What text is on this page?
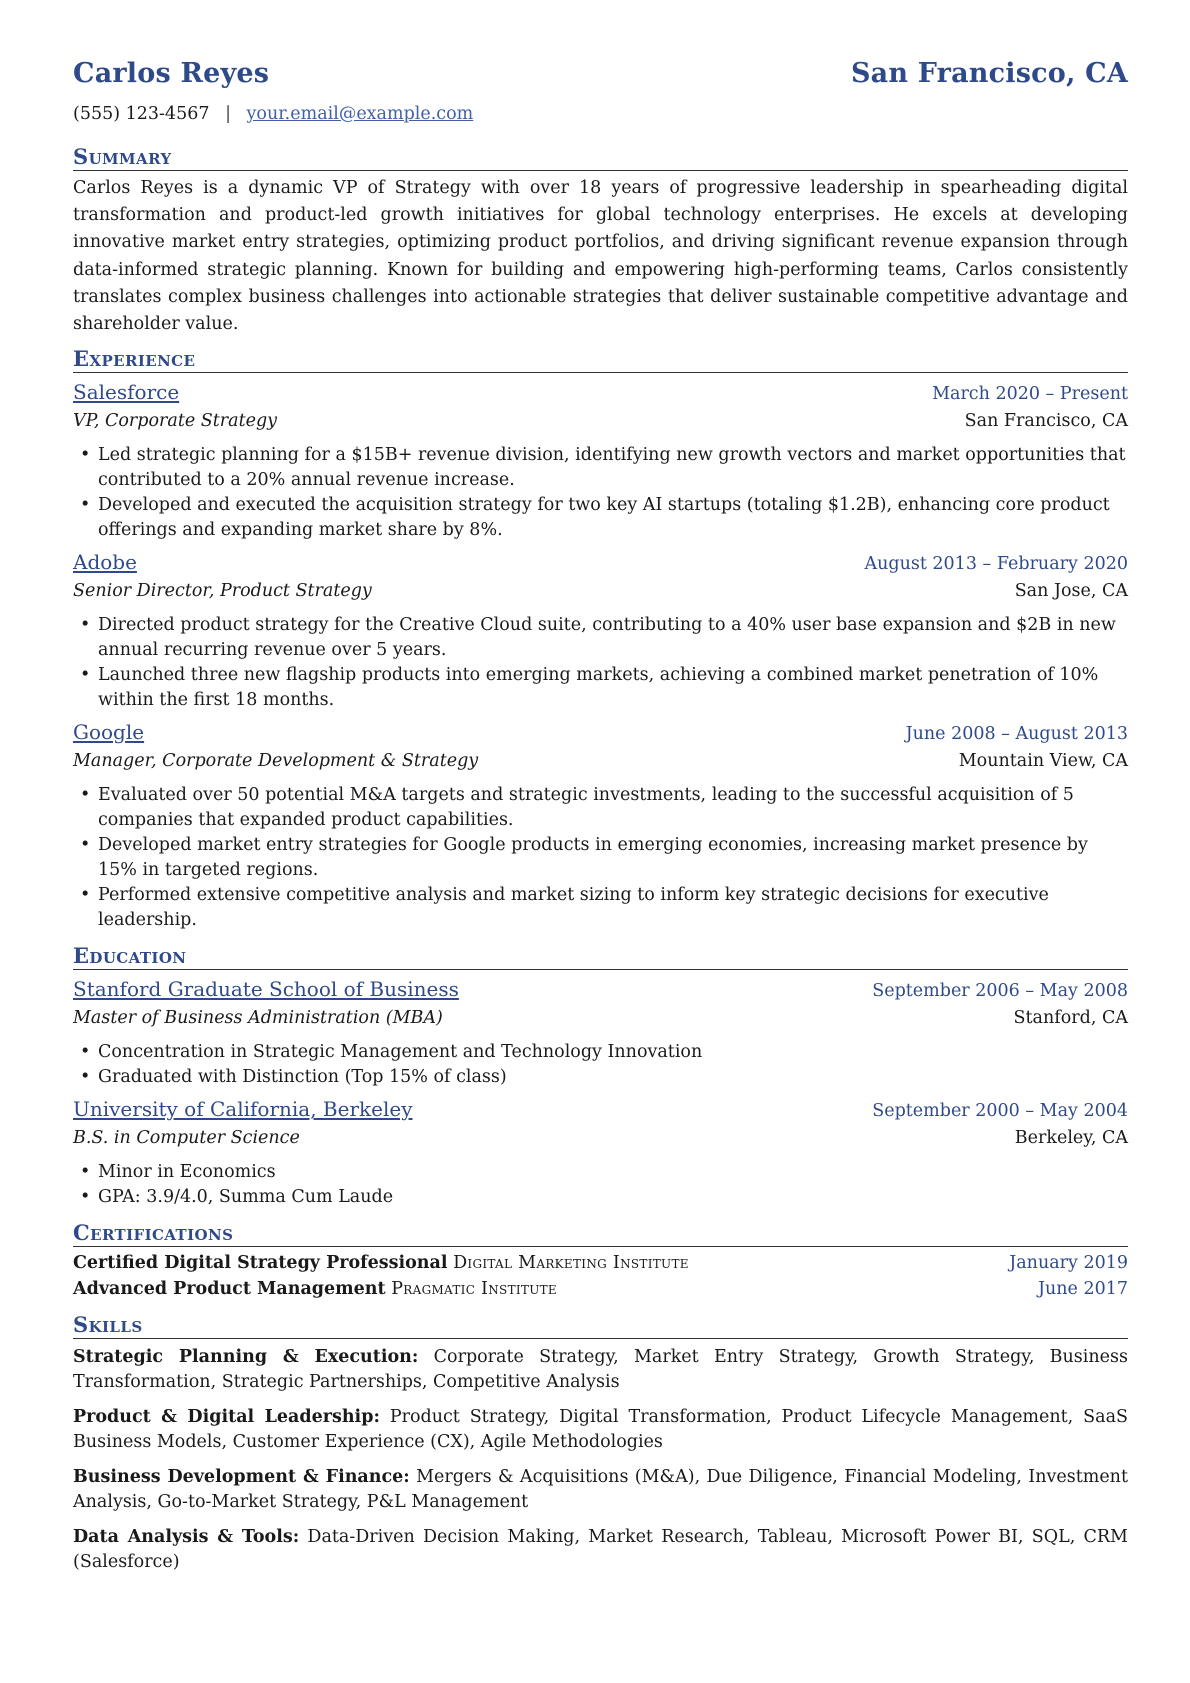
Carlos Reyes	San Francisco, CA
(555) 123-4567 | your.email@example.com
Summary
Carlos Reyes is a dynamic VP of Strategy with over 18 years of progressive leadership in spearheading digital transformation and product-led growth initiatives for global technology enterprises. He excels at developing innovative market entry strategies, optimizing product portfolios, and driving significant revenue expansion through data-informed strategic planning. Known for building and empowering high-performing teams, Carlos consistently translates complex business challenges into actionable strategies that deliver sustainable competitive advantage and shareholder value.
Experience
Salesforce	March 2020 – Present
VP, Corporate Strategy	San Francisco, CA
• Led strategic planning for a $15B+ revenue division, identifying new growth vectors and market opportunities that contributed to a 20% annual revenue increase.
• Developed and executed the acquisition strategy for two key AI startups (totaling $1.2B), enhancing core product offerings and expanding market share by 8%.
Adobe	August 2013 – February 2020
Senior Director, Product Strategy	San Jose, CA
• Directed product strategy for the Creative Cloud suite, contributing to a 40% user base expansion and $2B in new annual recurring revenue over 5 years.
• Launched three new flagship products into emerging markets, achieving a combined market penetration of 10% within the first 18 months.
Google	June 2008 – August 2013
Manager, Corporate Development & Strategy	Mountain View, CA
• Evaluated over 50 potential M&A targets and strategic investments, leading to the successful acquisition of 5 companies that expanded product capabilities.
• Developed market entry strategies for Google products in emerging economies, increasing market presence by 15% in targeted regions.
• Performed extensive competitive analysis and market sizing to inform key strategic decisions for executive leadership.
Education
Stanford Graduate School of Business	September 2006 – May 2008
Master of Business Administration (MBA)	Stanford, CA
• Concentration in Strategic Management and Technology Innovation
• Graduated with Distinction (Top 15% of class)
University of California, Berkeley	September 2000 – May 2004
B.S. in Computer Science	Berkeley, CA
• Minor in Economics
• GPA: 3.9/4.0, Summa Cum Laude
Certifications
Certified Digital Strategy Professional Digital Marketing Institute	January 2019
Advanced Product Management Pragmatic Institute	June 2017
Skills
Strategic Planning & Execution: Corporate Strategy, Market Entry Strategy, Growth Strategy, Business Transformation, Strategic Partnerships, Competitive Analysis
Product & Digital Leadership: Product Strategy, Digital Transformation, Product Lifecycle Management, SaaS Business Models, Customer Experience (CX), Agile Methodologies
Business Development & Finance: Mergers & Acquisitions (M&A), Due Diligence, Financial Modeling, Investment Analysis, Go-to-Market Strategy, P&L Management
Data Analysis & Tools: Data-Driven Decision Making, Market Research, Tableau, Microsoft Power BI, SQL, CRM (Salesforce)
